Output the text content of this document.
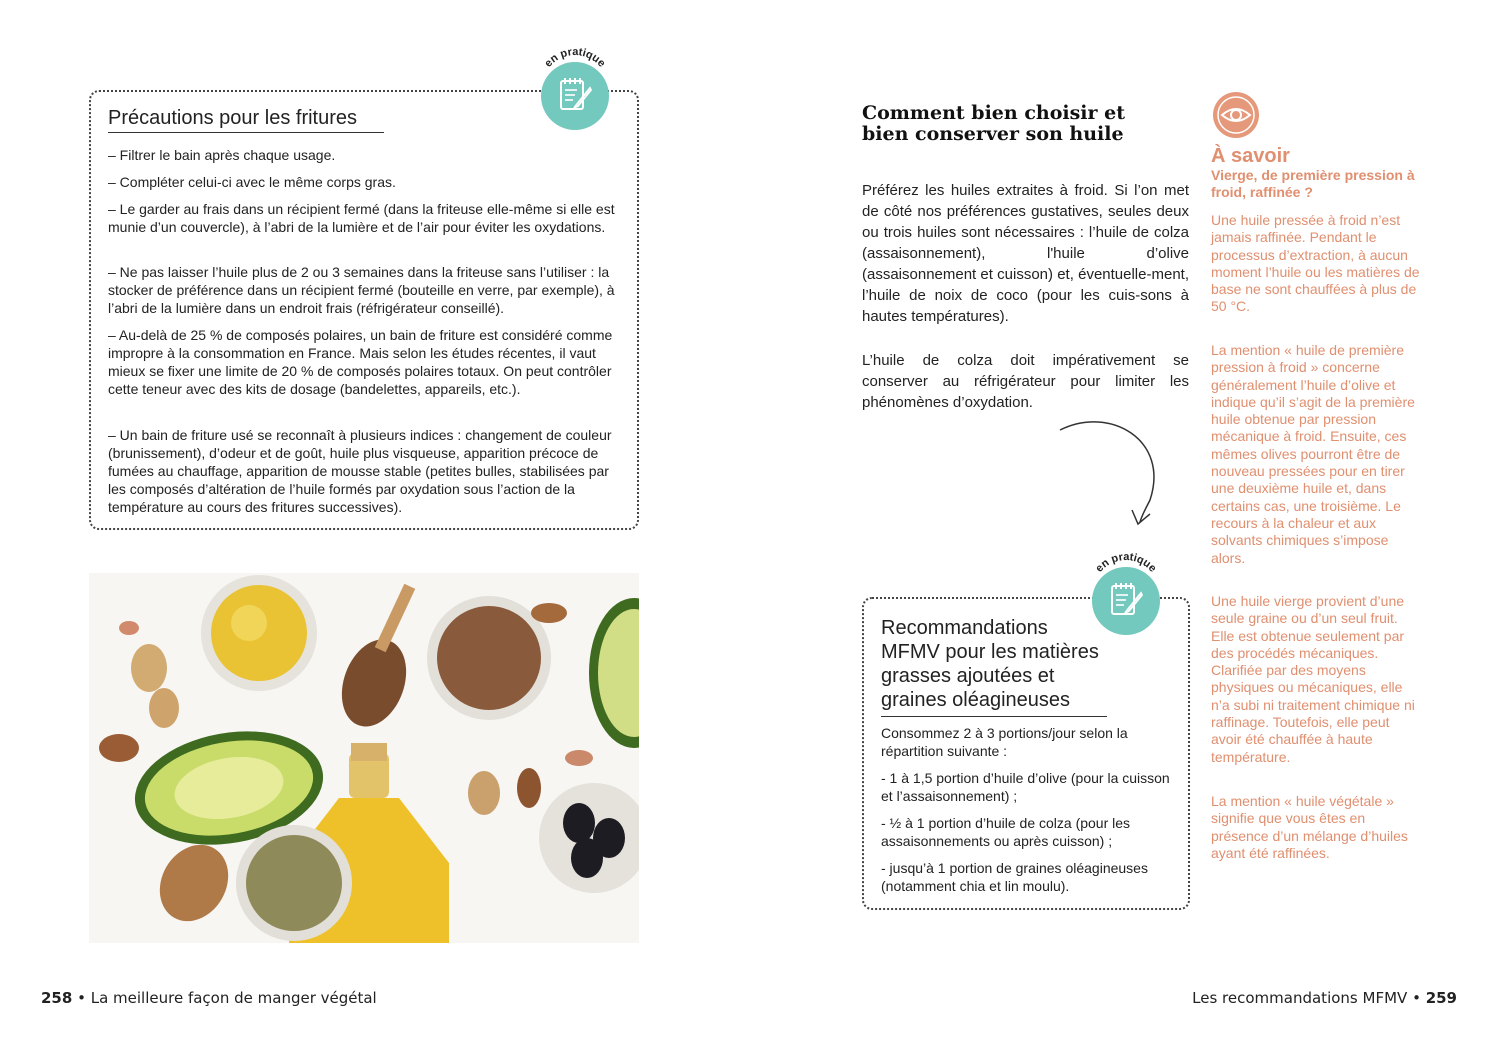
en pratique
Précautions pour les fritures
– Filtrer le bain après chaque usage.
– Compléter celui-ci avec le même corps gras.
– Le garder au frais dans un récipient fermé (dans la friteuse elle-même si elle est munie d’un couvercle), à l’abri de la lumière et de l’air pour éviter les oxydations.
– Ne pas laisser l’huile plus de 2 ou 3 semaines dans la friteuse sans l’utiliser : la stocker de préférence dans un récipient fermé (bouteille en verre, par exemple), à l’abri de la lumière dans un endroit frais (réfrigérateur conseillé).
– Au-delà de 25 % de composés polaires, un bain de friture est considéré comme impropre à la consommation en France. Mais selon les études récentes, il vaut mieux se fixer une limite de 20 % de composés polaires totaux. On peut contrôler cette teneur avec des kits de dosage (bandelettes, appareils, etc.).
– Un bain de friture usé se reconnaît à plusieurs indices : changement de couleur (brunissement), d’odeur et de goût, huile plus visqueuse, apparition précoce de fumées au chauffage, apparition de mousse stable (petites bulles, stabilisées par les composés d’altération de l’huile formés par oxydation sous l’action de la température au cours des fritures successives).
Comment bien choisir et bien conserver son huile
Préférez les huiles extraites à froid. Si l’on met de côté nos préférences gustatives, seules deux ou trois huiles sont nécessaires : l’huile de colza (assaisonnement), l'huile d’olive (assaisonnement et cuisson) et, éventuelle-ment, l’huile de noix de coco (pour les cuis-sons à hautes températures).
L’huile de colza doit impérativement se conserver au réfrigérateur pour limiter les phénomènes d’oxydation.
en pratique
Recommandations MFMV pour les matières grasses ajoutées et graines oléagineuses
Consommez 2 à 3 portions/jour selon la répartition suivante :
- 1 à 1,5 portion d’huile d’olive (pour la cuisson et l’assaisonnement) ;
- ½ à 1 portion d’huile de colza (pour les assaisonnements ou après cuisson) ;
- jusqu’à 1 portion de graines oléagineuses (notamment chia et lin moulu).
À savoir
Vierge, de première pression à froid, raffinée ?
Une huile pressée à froid n’est jamais raffinée. Pendant le processus d’extraction, à aucun moment l’huile ou les matières de base ne sont chauffées à plus de 50 °C.
La mention « huile de première pression à froid » concerne généralement l’huile d’olive et indique qu’il s’agit de la première huile obtenue par pression mécanique à froid. Ensuite, ces mêmes olives pourront être de nouveau pressées pour en tirer une deuxième huile et, dans certains cas, une troisième. Le recours à la chaleur et aux solvants chimiques s’impose alors.
Une huile vierge provient d’une seule graine ou d’un seul fruit. Elle est obtenue seulement par des procédés mécaniques. Clarifiée par des moyens physiques ou mécaniques, elle n’a subi ni traitement chimique ni raffinage. Toutefois, elle peut avoir été chauffée à haute température.
La mention « huile végétale » signifie que vous êtes en présence d’un mélange d’huiles ayant été raffinées.
258 • La meilleure façon de manger végétal	Les recommandations MFMV • 259
